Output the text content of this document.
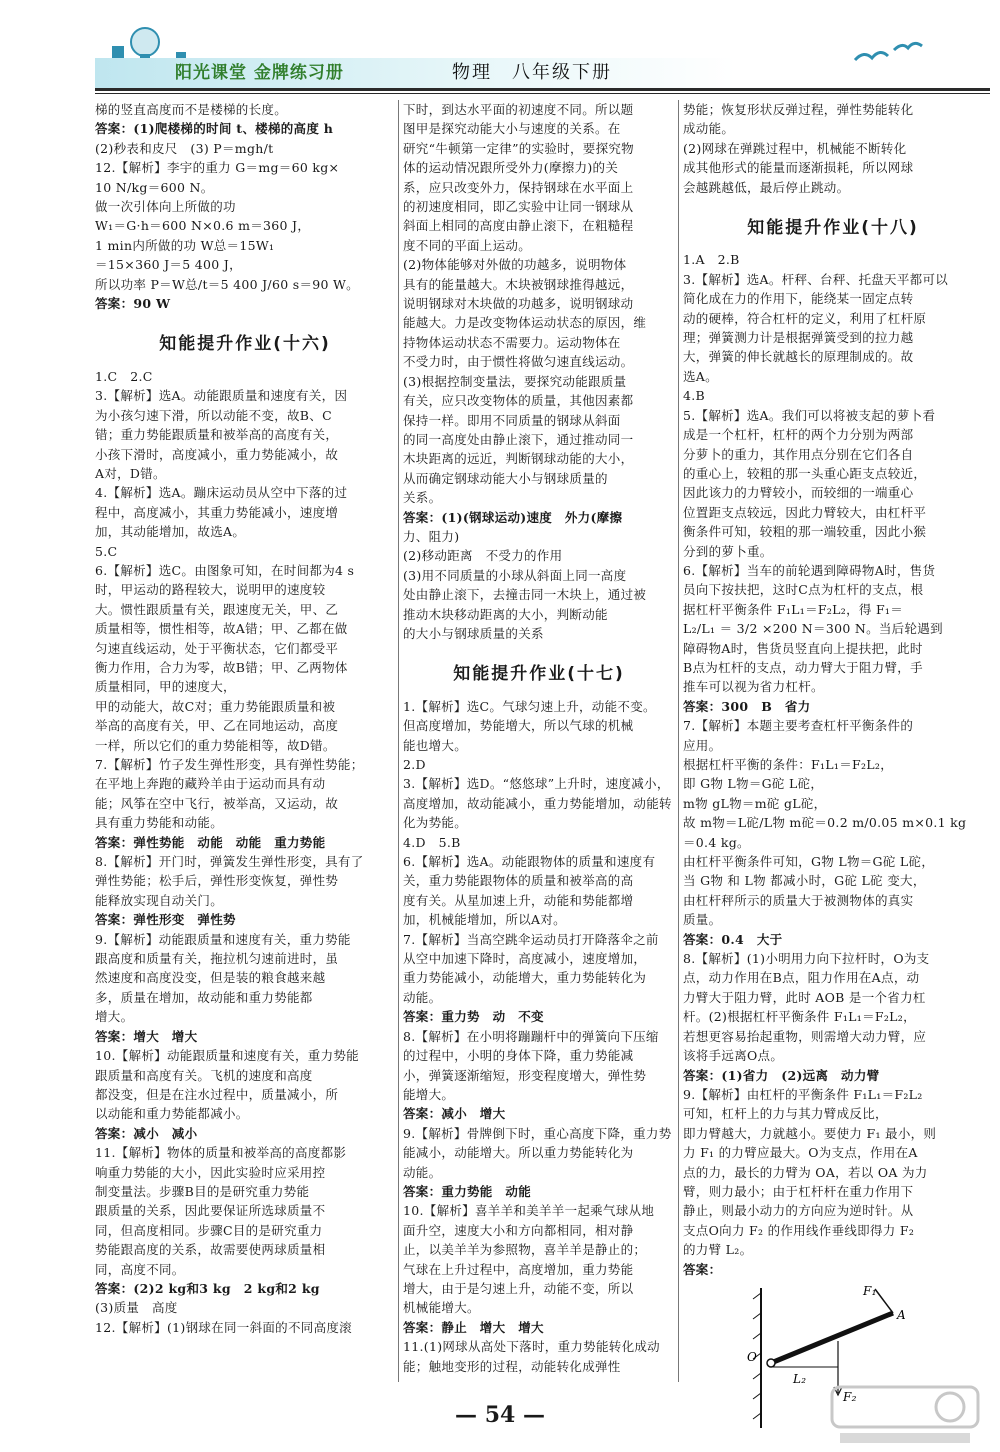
阳光课堂 金牌练习册	物理　八年级下册

梯的竖直高度而不是楼梯的长度。

答案：(1)爬楼梯的时间 t、楼梯的高度 h

(2)秒表和皮尺　(3) P＝mgh/t

12.【解析】李宇的重力 G＝mg＝60 kg×

10 N/kg＝600 N。

做一次引体向上所做的功

W₁＝G·h＝600 N×0.6 m＝360 J，

1 min内所做的功 W总＝15W₁

＝15×360 J＝5 400 J，

所以功率 P＝W总/t＝5 400 J/60 s＝90 W。

答案：90 W

知能提升作业(十六)

1.C　2.C

3.【解析】选A。动能跟质量和速度有关，因

为小孩匀速下滑，所以动能不变，故B、C

错；重力势能跟质量和被举高的高度有关，

小孩下滑时，高度减小，重力势能减小，故

A对，D错。

4.【解析】选A。蹦床运动员从空中下落的过

程中，高度减小，其重力势能减小，速度增

加，其动能增加，故选A。

5.C

6.【解析】选C。由图象可知，在时间都为4 s

时，甲运动的路程较大，说明甲的速度较

大。惯性跟质量有关，跟速度无关，甲、乙

质量相等，惯性相等，故A错；甲、乙都在做

匀速直线运动，处于平衡状态，它们都受平

衡力作用，合力为零，故B错；甲、乙两物体

质量相同，甲的速度大，

甲的动能大，故C对；重力势能跟质量和被

举高的高度有关，甲、乙在同地运动，高度

一样，所以它们的重力势能相等，故D错。

7.【解析】竹子发生弹性形变，具有弹性势能；

在平地上奔跑的藏羚羊由于运动而具有动

能；风筝在空中飞行，被举高，又运动，故

具有重力势能和动能。

答案：弹性势能　动能　动能　重力势能

8.【解析】开门时，弹簧发生弹性形变，具有了

弹性势能；松手后，弹性形变恢复，弹性势

能释放实现自动关门。

答案：弹性形变　弹性势

9.【解析】动能跟质量和速度有关，重力势能

跟高度和质量有关，拖拉机匀速前进时，虽

然速度和高度没变，但是装的粮食越来越

多，质量在增加，故动能和重力势能都

增大。

答案：增大　增大

10.【解析】动能跟质量和速度有关，重力势能

跟质量和高度有关。飞机的速度和高度

都没变，但是在注水过程中，质量减小，所

以动能和重力势能都减小。

答案：减小　减小

11.【解析】物体的质量和被举高的高度都影

响重力势能的大小，因此实验时应采用控

制变量法。步骤B目的是研究重力势能

跟质量的关系，因此要保证所选球质量不

同，但高度相同。步骤C目的是研究重力

势能跟高度的关系，故需要使两球质量相

同，高度不同。

答案：(2)2 kg和3 kg　2 kg和2 kg

(3)质量　高度

12.【解析】(1)钢球在同一斜面的不同高度滚

下时，到达水平面的初速度不同。所以题

图甲是探究动能大小与速度的关系。在

研究“牛顿第一定律”的实验时，要探究物

体的运动情况跟所受外力(摩擦力)的关

系，应只改变外力，保持钢球在水平面上

的初速度相同，即乙实验中让同一钢球从

斜面上相同的高度由静止滚下，在粗糙程

度不同的平面上运动。

(2)物体能够对外做的功越多，说明物体

具有的能量越大。木块被钢球推得越远，

说明钢球对木块做的功越多，说明钢球动

能越大。力是改变物体运动状态的原因，维

持物体运动状态不需要力。运动物体在

不受力时，由于惯性将做匀速直线运动。

(3)根据控制变量法，要探究动能跟质量

有关，应只改变物体的质量，其他因素都

保持一样。即用不同质量的钢球从斜面

的同一高度处由静止滚下，通过推动同一

木块距离的远近，判断钢球动能的大小，

从而确定钢球动能大小与钢球质量的

关系。

答案：(1)(钢球运动)速度　外力(摩擦

力、阻力)

(2)移动距离　不受力的作用

(3)用不同质量的小球从斜面上同一高度

处由静止滚下，去撞击同一木块上，通过被

推动木块移动距离的大小，判断动能

的大小与钢球质量的关系

知能提升作业(十七)

1.【解析】选C。气球匀速上升，动能不变。

但高度增加，势能增大，所以气球的机械

能也增大。

2.D

3.【解析】选D。“悠悠球”上升时，速度减小，

高度增加，故动能减小，重力势能增加，动能转

化为势能。

4.D　5.B

6.【解析】选A。动能跟物体的质量和速度有

关，重力势能跟物体的质量和被举高的高

度有关。从星加速上升，动能和势能都增

加，机械能增加，所以A对。

7.【解析】当高空跳伞运动员打开降落伞之前

从空中加速下降时，高度减小，速度增加，

重力势能减小，动能增大，重力势能转化为

动能。

答案：重力势　动　不变

8.【解析】在小明将蹦蹦杆中的弹簧向下压缩

的过程中，小明的身体下降，重力势能减

小，弹簧逐渐缩短，形变程度增大，弹性势

能增大。

答案：减小　增大

9.【解析】骨牌倒下时，重心高度下降，重力势

能减小，动能增大。所以重力势能转化为

动能。

答案：重力势能　动能

10.【解析】喜羊羊和美羊羊一起乘气球从地

面升空，速度大小和方向都相同，相对静

止，以美羊羊为参照物，喜羊羊是静止的；

气球在上升过程中，高度增加，重力势能

增大，由于是匀速上升，动能不变，所以

机械能增大。

答案：静止　增大　增大

11.(1)网球从高处下落时，重力势能转化成动

能；触地变形的过程，动能转化成弹性

势能；恢复形状反弹过程，弹性势能转化

成动能。

(2)网球在弹跳过程中，机械能不断转化

成其他形式的能量而逐渐损耗，所以网球

会越跳越低，最后停止跳动。

知能提升作业(十八)

1.A　2.B

3.【解析】选A。杆秤、台秤、托盘天平都可以

简化成在力的作用下，能绕某一固定点转

动的硬棒，符合杠杆的定义，利用了杠杆原

理；弹簧测力计是根据弹簧受到的拉力越

大，弹簧的伸长就越长的原理制成的。故

选A。

4.B

5.【解析】选A。我们可以将被支起的萝卜看

成是一个杠杆，杠杆的两个力分别为两部

分萝卜的重力，其作用点分别在它们各自

的重心上，较粗的那一头重心距支点较近，

因此该力的力臂较小，而较细的一端重心

位置距支点较远，因此力臂较大，由杠杆平

衡条件可知，较粗的那一端较重，因此小猴

分到的萝卜重。

6.【解析】当车的前轮遇到障碍物A时，售货

员向下按扶把，这时C点为杠杆的支点，根

据杠杆平衡条件 F₁L₁＝F₂L₂，得 F₁＝

L₂/L₁ ＝ 3/2 ×200 N＝300 N。当后轮遇到

障碍物A时，售货员竖直向上提扶把，此时

B点为杠杆的支点，动力臂大于阻力臂，手

推车可以视为省力杠杆。

答案：300　B　省力

7.【解析】本题主要考查杠杆平衡条件的

应用。

根据杠杆平衡的条件：F₁L₁＝F₂L₂，

即 G物 L物＝G砣 L砣，

m物 gL物＝m砣 gL砣，

故 m物＝L砣/L物 m砣＝0.2 m/0.05 m×0.1 kg

＝0.4 kg。

由杠杆平衡条件可知，G物 L物＝G砣 L砣，

当 G物 和 L物 都减小时，G砣 L砣 变大，

由杠杆秤所示的质量大于被测物体的真实

质量。

答案：0.4　大于

8.【解析】(1)小明用力向下拉杆时，O为支

点，动力作用在B点，阻力作用在A点，动

力臂大于阻力臂，此时 AOB 是一个省力杠

杆。(2)根据杠杆平衡条件 F₁L₁＝F₂L₂，

若想更容易抬起重物，则需增大动力臂，应

该将手远离O点。

答案：(1)省力　(2)远离　动力臂

9.【解析】由杠杆的平衡条件 F₁L₁＝F₂L₂

可知，杠杆上的力与其力臂成反比，

即力臂越大，力就越小。要使力 F₁ 最小，则

力 F₁ 的力臂应最大。O为支点，作用在A

点的力，最长的力臂为 OA，若以 OA 为力

臂，则力最小；由于杠杆杆在重力作用下

静止，则最小动力的方向应为逆时针。从

支点O向力 F₂ 的作用线作垂线即得力 F₂

的力臂 L₂。

答案：

F₁
A
O
F₂
L₂
— 54 —
